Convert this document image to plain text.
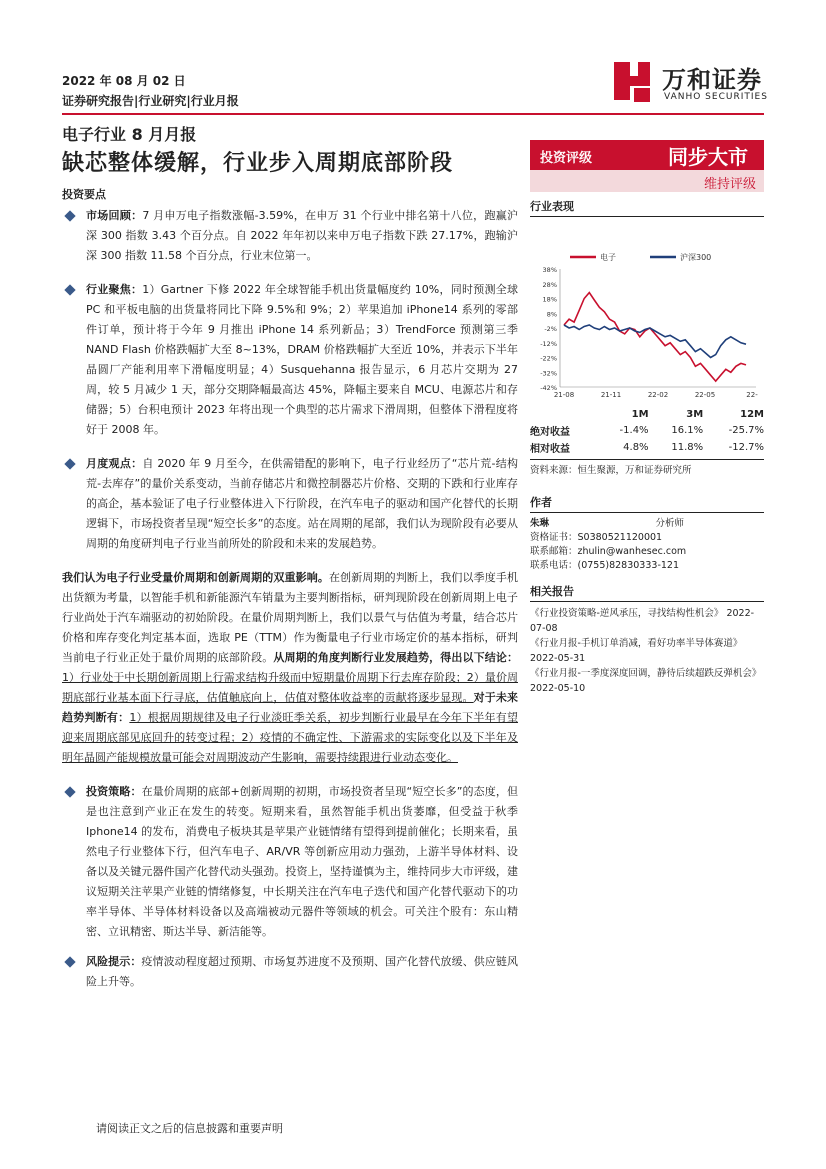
2022 年 08 月 02 日
证券研究报告|行业研究|行业月报
万和证券
VANHO SECURITIES
电子行业 8 月月报
缺芯整体缓解，行业步入周期底部阶段
投资要点
投资评级	同步大市
维持评级
市场回顾：7 月申万电子指数涨幅-3.59%，在申万 31 个行业中排名第十八位，跑赢沪深 300 指数 3.43 个百分点。自 2022 年年初以来申万电子指数下跌 27.17%，跑输沪深 300 指数 11.58 个百分点，行业末位第一。
行业聚焦：1）Gartner 下修 2022 年全球智能手机出货量幅度约 10%，同时预测全球 PC 和平板电脑的出货量将同比下降 9.5%和 9%；2）苹果追加 iPhone14 系列的零部件订单，预计将于今年 9 月推出 iPhone 14 系列新品；3）TrendForce 预测第三季 NAND Flash 价格跌幅扩大至 8~13%，DRAM 价格跌幅扩大至近 10%，并表示下半年晶圆厂产能利用率下滑幅度明显；4）Susquehanna 报告显示，6 月芯片交期为 27 周，较 5 月减少 1 天，部分交期降幅最高达 45%，降幅主要来自 MCU、电源芯片和存储器；5）台积电预计 2023 年将出现一个典型的芯片需求下滑周期，但整体下滑程度将好于 2008 年。
月度观点：自 2020 年 9 月至今，在供需错配的影响下，电子行业经历了“芯片荒-结构荒-去库存”的量价关系变动，当前存储芯片和微控制器芯片价格、交期的下跌和行业库存的高企，基本验证了电子行业整体进入下行阶段，在汽车电子的驱动和国产化替代的长期逻辑下，市场投资者呈现“短空长多”的态度。站在周期的尾部，我们认为现阶段有必要从周期的角度研判电子行业当前所处的阶段和未来的发展趋势。
我们认为电子行业受量价周期和创新周期的双重影响。在创新周期的判断上，我们以季度手机出货额为考量，以智能手机和新能源汽车销量为主要判断指标，研判现阶段在创新周期上电子行业尚处于汽车端驱动的初始阶段。在量价周期判断上，我们以景气与估值为考量，结合芯片价格和库存变化判定基本面，选取 PE（TTM）作为衡量电子行业市场定价的基本指标，研判当前电子行业正处于量价周期的底部阶段。从周期的角度判断行业发展趋势，得出以下结论：1）行业处于中长期创新周期上行需求结构升级而中短期量价周期下行去库存阶段；2）量价周期底部行业基本面下行寻底，估值触底向上，估值对整体收益率的贡献将逐步显现。对于未来趋势判断有：1）根据周期规律及电子行业淡旺季关系，初步判断行业最早在今年下半年有望迎来周期底部见底回升的转变过程；2）疫情的不确定性、下游需求的实际变化以及下半年及明年晶圆产能规模放量可能会对周期波动产生影响，需要持续跟进行业动态变化。
投资策略：在量价周期的底部+创新周期的初期，市场投资者呈现“短空长多”的态度，但是也注意到产业正在发生的转变。短期来看，虽然智能手机出货萎靡，但受益于秋季 Iphone14 的发布，消费电子板块其是苹果产业链情绪有望得到提前催化；长期来看，虽然电子行业整体下行，但汽车电子、AR/VR 等创新应用动力强劲，上游半导体材料、设备以及关键元器件国产化替代动头强劲。投资上，坚持谨慎为主，维持同步大市评级，建议短期关注苹果产业链的情绪修复，中长期关注在汽车电子迭代和国产化替代驱动下的功率半导体、半导体材料设备以及高端被动元器件等领域的机会。可关注个股有：东山精密、立讯精密、斯达半导、新洁能等。
风险提示：疫情波动程度超过预期、市场复苏进度不及预期、国产化替代放缓、供应链风险上升等。
行业表现
电子	沪深300
38%
28%
18%
8%
-2%
-12%
-22%
-32%
-42%
21-08	21-11	22-02	22-05	22-
	1M	3M	12M
绝对收益	-1.4%	16.1%	-25.7%
相对收益	4.8%	11.8%	-12.7%
资料来源：恒生聚源，万和证券研究所
作者
朱琳	分析师
资格证书：S0380521120001
联系邮箱：zhulin@wanhesec.com
联系电话：(0755)82830333-121
相关报告
《行业投资策略-逆风承压，寻找结构性机会》 2022-07-08
《行业月报-手机订单消减，看好功率半导体赛道》 2022-05-31
《行业月报-一季度深度回调，静待后续超跌反弹机会》 2022-05-10
请阅读正文之后的信息披露和重要声明
